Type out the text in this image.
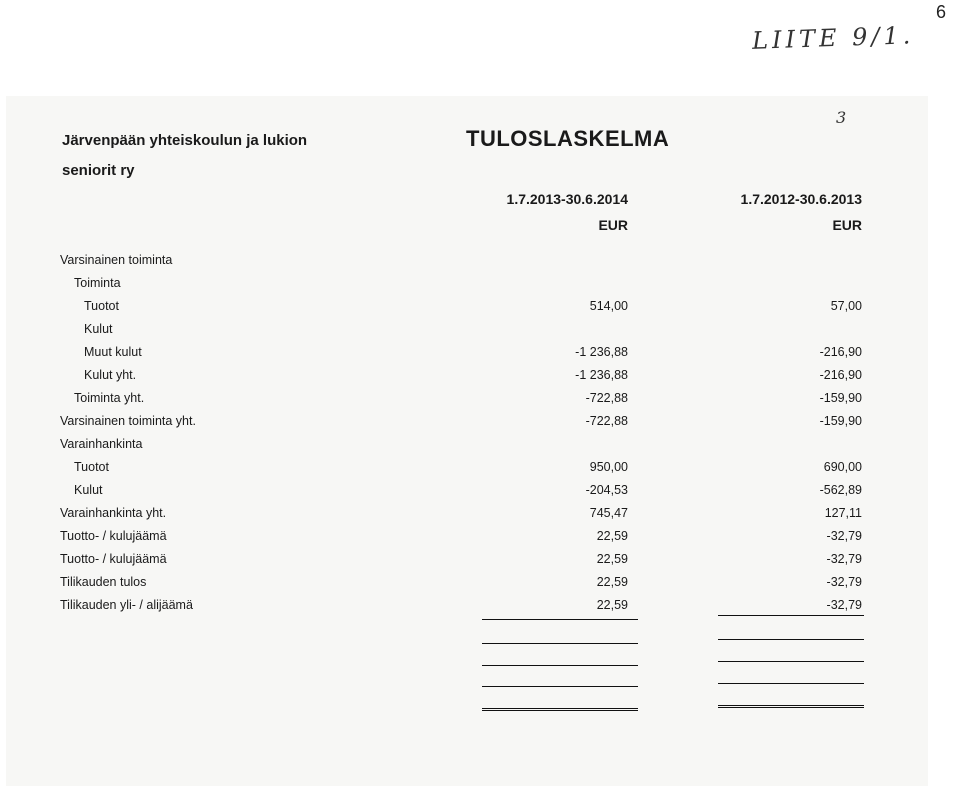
6
LIITE 9/1.
3
Järvenpään yhteiskoulun ja lukion
seniorit ry
TULOSLASKELMA
1.7.2013-30.6.2014
EUR
1.7.2012-30.6.2013
EUR
Varsinainen toiminta
Toiminta
Tuotot	514,00	57,00
Kulut
Muut kulut	-1 236,88	-216,90
Kulut yht.	-1 236,88	-216,90
Toiminta yht.	-722,88	-159,90
Varsinainen toiminta yht.	-722,88	-159,90
Varainhankinta
Tuotot	950,00	690,00
Kulut	-204,53	-562,89
Varainhankinta yht.	745,47	127,11
Tuotto- / kulujäämä	22,59	-32,79
Tuotto- / kulujäämä	22,59	-32,79
Tilikauden tulos	22,59	-32,79
Tilikauden yli- / alijäämä	22,59	-32,79
